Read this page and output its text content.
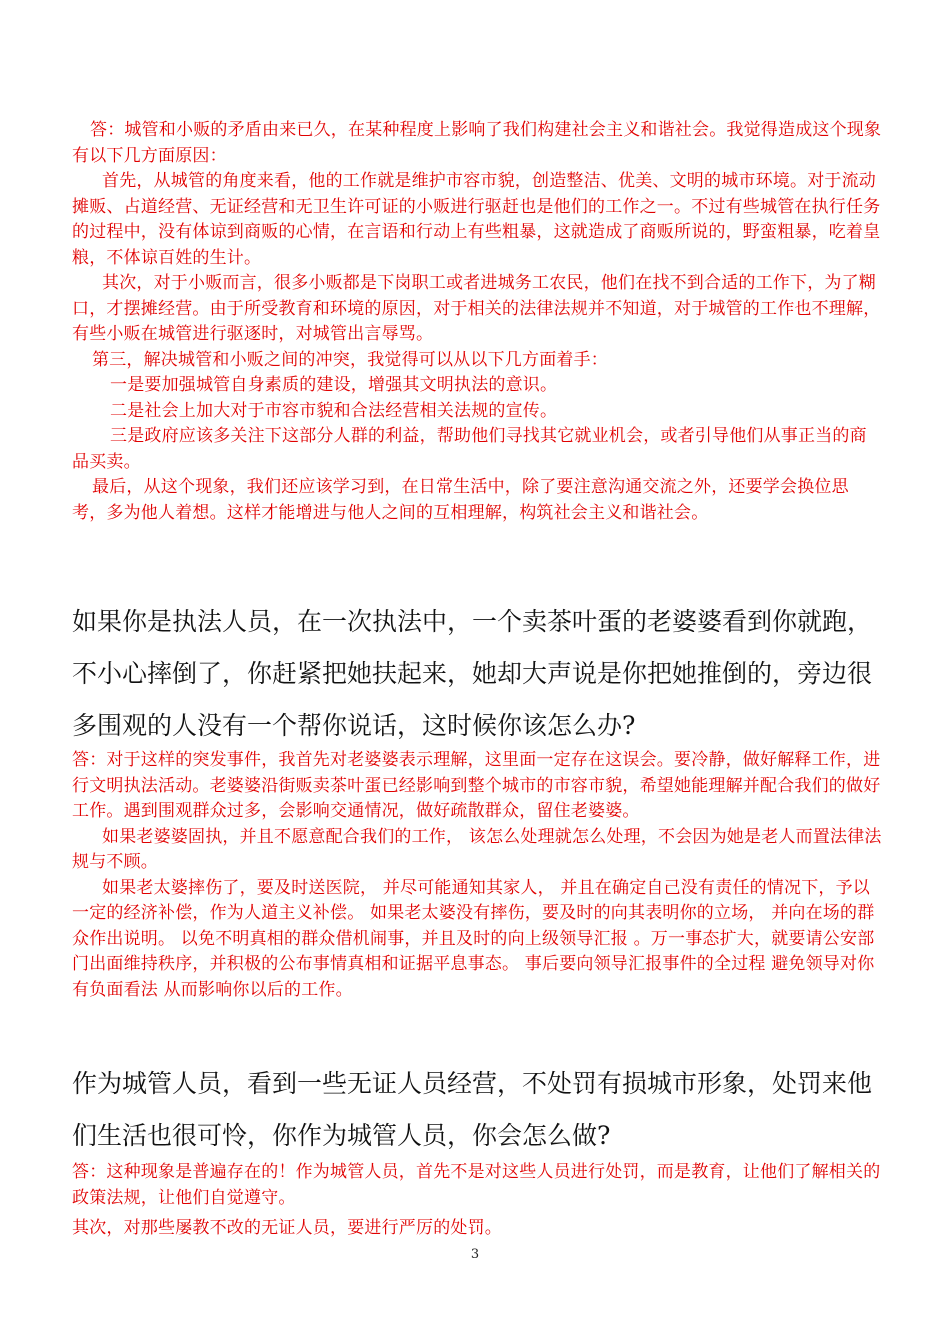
答：城管和小贩的矛盾由来已久，在某种程度上影响了我们构建社会主义和谐社会。我觉得造成这个现象有以下几方面原因：

首先，从城管的角度来看，他的工作就是维护市容市貌，创造整洁、优美、文明的城市环境。对于流动摊贩、占道经营、无证经营和无卫生许可证的小贩进行驱赶也是他们的工作之一。不过有些城管在执行任务的过程中，没有体谅到商贩的心情，在言语和行动上有些粗暴，这就造成了商贩所说的，野蛮粗暴，吃着皇粮，不体谅百姓的生计。

其次，对于小贩而言，很多小贩都是下岗职工或者进城务工农民，他们在找不到合适的工作下，为了糊口，才摆摊经营。由于所受教育和环境的原因，对于相关的法律法规并不知道，对于城管的工作也不理解，有些小贩在城管进行驱逐时，对城管出言辱骂。

第三，解决城管和小贩之间的冲突，我觉得可以从以下几方面着手：

一是要加强城管自身素质的建设，增强其文明执法的意识。

二是社会上加大对于市容市貌和合法经营相关法规的宣传。

三是政府应该多关注下这部分人群的利益，帮助他们寻找其它就业机会，或者引导他们从事正当的商品买卖。

最后，从这个现象，我们还应该学习到，在日常生活中，除了要注意沟通交流之外，还要学会换位思考，多为他人着想。这样才能增进与他人之间的互相理解，构筑社会主义和谐社会。

如果你是执法人员，在一次执法中，一个卖茶叶蛋的老婆婆看到你就跑，不小心摔倒了，你赶紧把她扶起来，她却大声说是你把她推倒的，旁边很多围观的人没有一个帮你说话，这时候你该怎么办?

答：对于这样的突发事件，我首先对老婆婆表示理解，这里面一定存在这误会。要冷静，做好解释工作，进行文明执法活动。老婆婆沿街贩卖茶叶蛋已经影响到整个城市的市容市貌，希望她能理解并配合我们的做好工作。遇到围观群众过多，会影响交通情况，做好疏散群众，留住老婆婆。

如果老婆婆固执，并且不愿意配合我们的工作， 该怎么处理就怎么处理，不会因为她是老人而置法律法规与不顾。

如果老太婆摔伤了，要及时送医院， 并尽可能通知其家人， 并且在确定自己没有责任的情况下，予以一定的经济补偿，作为人道主义补偿。 如果老太婆没有摔伤，要及时的向其表明你的立场， 并向在场的群众作出说明。 以免不明真相的群众借机闹事，并且及时的向上级领导汇报 。万一事态扩大，就要请公安部门出面维持秩序，并积极的公布事情真相和证据平息事态。 事后要向领导汇报事件的全过程 避免领导对你有负面看法 从而影响你以后的工作。

作为城管人员，看到一些无证人员经营，不处罚有损城市形象，处罚来他们生活也很可怜，你作为城管人员，你会怎么做?

答：这种现象是普遍存在的！作为城管人员，首先不是对这些人员进行处罚，而是教育，让他们了解相关的政策法规，让他们自觉遵守。

其次，对那些屡教不改的无证人员，要进行严厉的处罚。

3
